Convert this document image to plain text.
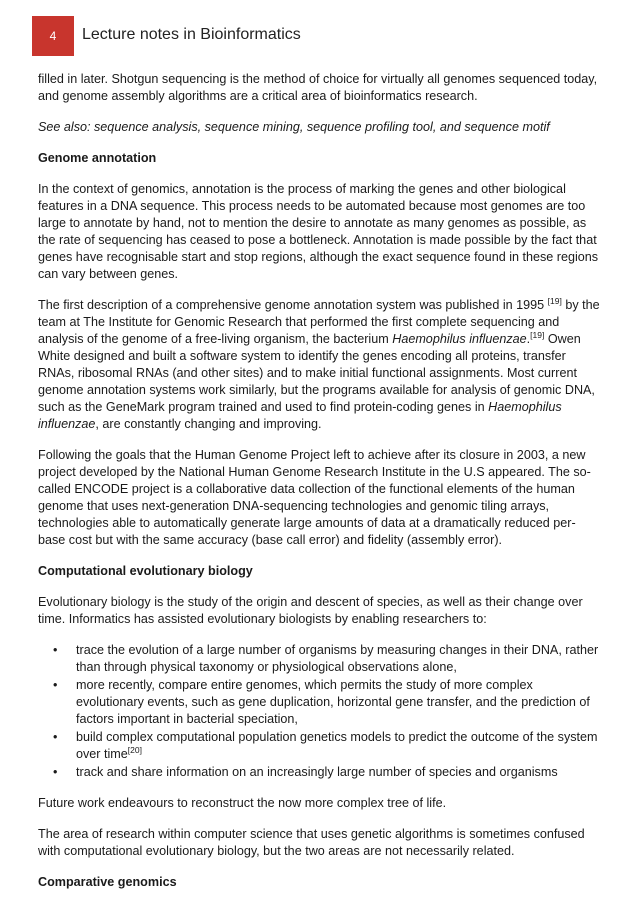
4	Lecture notes in Bioinformatics

filled in later. Shotgun sequencing is the method of choice for virtually all genomes sequenced today, and genome assembly algorithms are a critical area of bioinformatics research.

See also: sequence analysis, sequence mining, sequence profiling tool, and sequence motif

Genome annotation

In the context of genomics, annotation is the process of marking the genes and other biological features in a DNA sequence. This process needs to be automated because most genomes are too large to annotate by hand, not to mention the desire to annotate as many genomes as possible, as the rate of sequencing has ceased to pose a bottleneck. Annotation is made possible by the fact that genes have recognisable start and stop regions, although the exact sequence found in these regions can vary between genes.

The first description of a comprehensive genome annotation system was published in 1995 [19] by the team at The Institute for Genomic Research that performed the first complete sequencing and analysis of the genome of a free-living organism, the bacterium Haemophilus influenzae.[19] Owen White designed and built a software system to identify the genes encoding all proteins, transfer RNAs, ribosomal RNAs (and other sites) and to make initial functional assignments. Most current genome annotation systems work similarly, but the programs available for analysis of genomic DNA, such as the GeneMark program trained and used to find protein-coding genes in Haemophilus influenzae, are constantly changing and improving.

Following the goals that the Human Genome Project left to achieve after its closure in 2003, a new project developed by the National Human Genome Research Institute in the U.S appeared. The so-called ENCODE project is a collaborative data collection of the functional elements of the human genome that uses next-generation DNA-sequencing technologies and genomic tiling arrays, technologies able to automatically generate large amounts of data at a dramatically reduced per-base cost but with the same accuracy (base call error) and fidelity (assembly error).

Computational evolutionary biology

Evolutionary biology is the study of the origin and descent of species, as well as their change over time. Informatics has assisted evolutionary biologists by enabling researchers to:

• trace the evolution of a large number of organisms by measuring changes in their DNA, rather than through physical taxonomy or physiological observations alone,
• more recently, compare entire genomes, which permits the study of more complex evolutionary events, such as gene duplication, horizontal gene transfer, and the prediction of factors important in bacterial speciation,
• build complex computational population genetics models to predict the outcome of the system over time[20]
• track and share information on an increasingly large number of species and organisms

Future work endeavours to reconstruct the now more complex tree of life.

The area of research within computer science that uses genetic algorithms is sometimes confused with computational evolutionary biology, but the two areas are not necessarily related.

Comparative genomics
